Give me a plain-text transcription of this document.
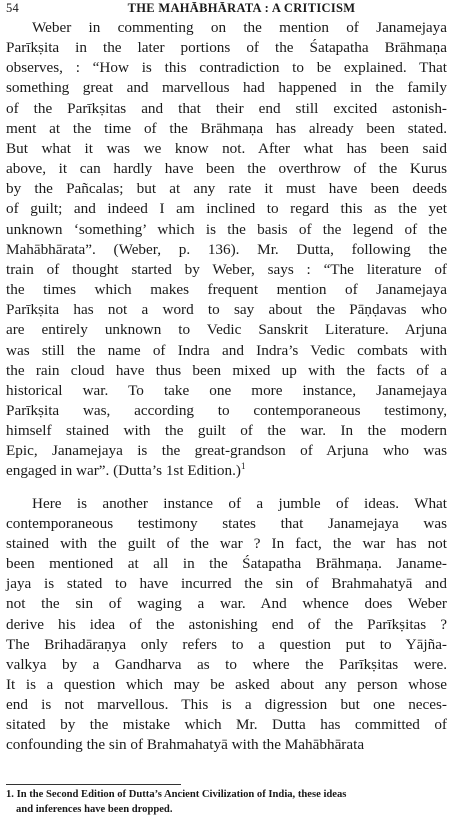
54	THE MAHĀBHĀRATA : A CRITICISM

Weber in commenting on the mention of Janamejaya
Parīkṣita in the later portions of the Śatapatha Brāhmaṇa
observes, : “How is this contradiction to be explained. That
something great and marvellous had happened in the family
of the Parīkṣitas and that their end still excited astonish-
ment at the time of the Brāhmaṇa has already been stated.
But what it was we know not. After what has been said
above, it can hardly have been the overthrow of the Kurus
by the Pañcalas; but at any rate it must have been deeds
of guilt; and indeed I am inclined to regard this as the yet
unknown ‘something’ which is the basis of the legend of the
Mahābhārata”. (Weber, p. 136). Mr. Dutta, following the
train of thought started by Weber, says : “The literature of
the times which makes frequent mention of Janamejaya
Parīkṣita has not a word to say about the Pāṇḍavas who
are entirely unknown to Vedic Sanskrit Literature. Arjuna
was still the name of Indra and Indra’s Vedic combats with
the rain cloud have thus been mixed up with the facts of a
historical war. To take one more instance, Janamejaya
Parīkṣita was, according to contemporaneous testimony,
himself stained with the guilt of the war. In the modern
Epic, Janamejaya is the great-grandson of Arjuna who was
engaged in war”. (Dutta’s 1st Edition.)$^1$

Here is another instance of a jumble of ideas. What
contemporaneous testimony states that Janamejaya was
stained with the guilt of the war ? In fact, the war has not
been mentioned at all in the Śatapatha Brāhmaṇa. Janame-
jaya is stated to have incurred the sin of Brahmahatyā and
not the sin of waging a war. And whence does Weber
derive his idea of the astonishing end of the Parīkṣitas ?
The Brihadāraṇya only refers to a question put to Yājña-
valkya by a Gandharva as to where the Parīkṣitas were.
It is a question which may be asked about any person whose
end is not marvellous. This is a digression but one neces-
sitated by the mistake which Mr. Dutta has committed of
confounding the sin of Brahmahatyā with the Mahābhārata

1. In the Second Edition of Dutta’s Ancient Civilization of India, these ideas
and inferences have been dropped.
